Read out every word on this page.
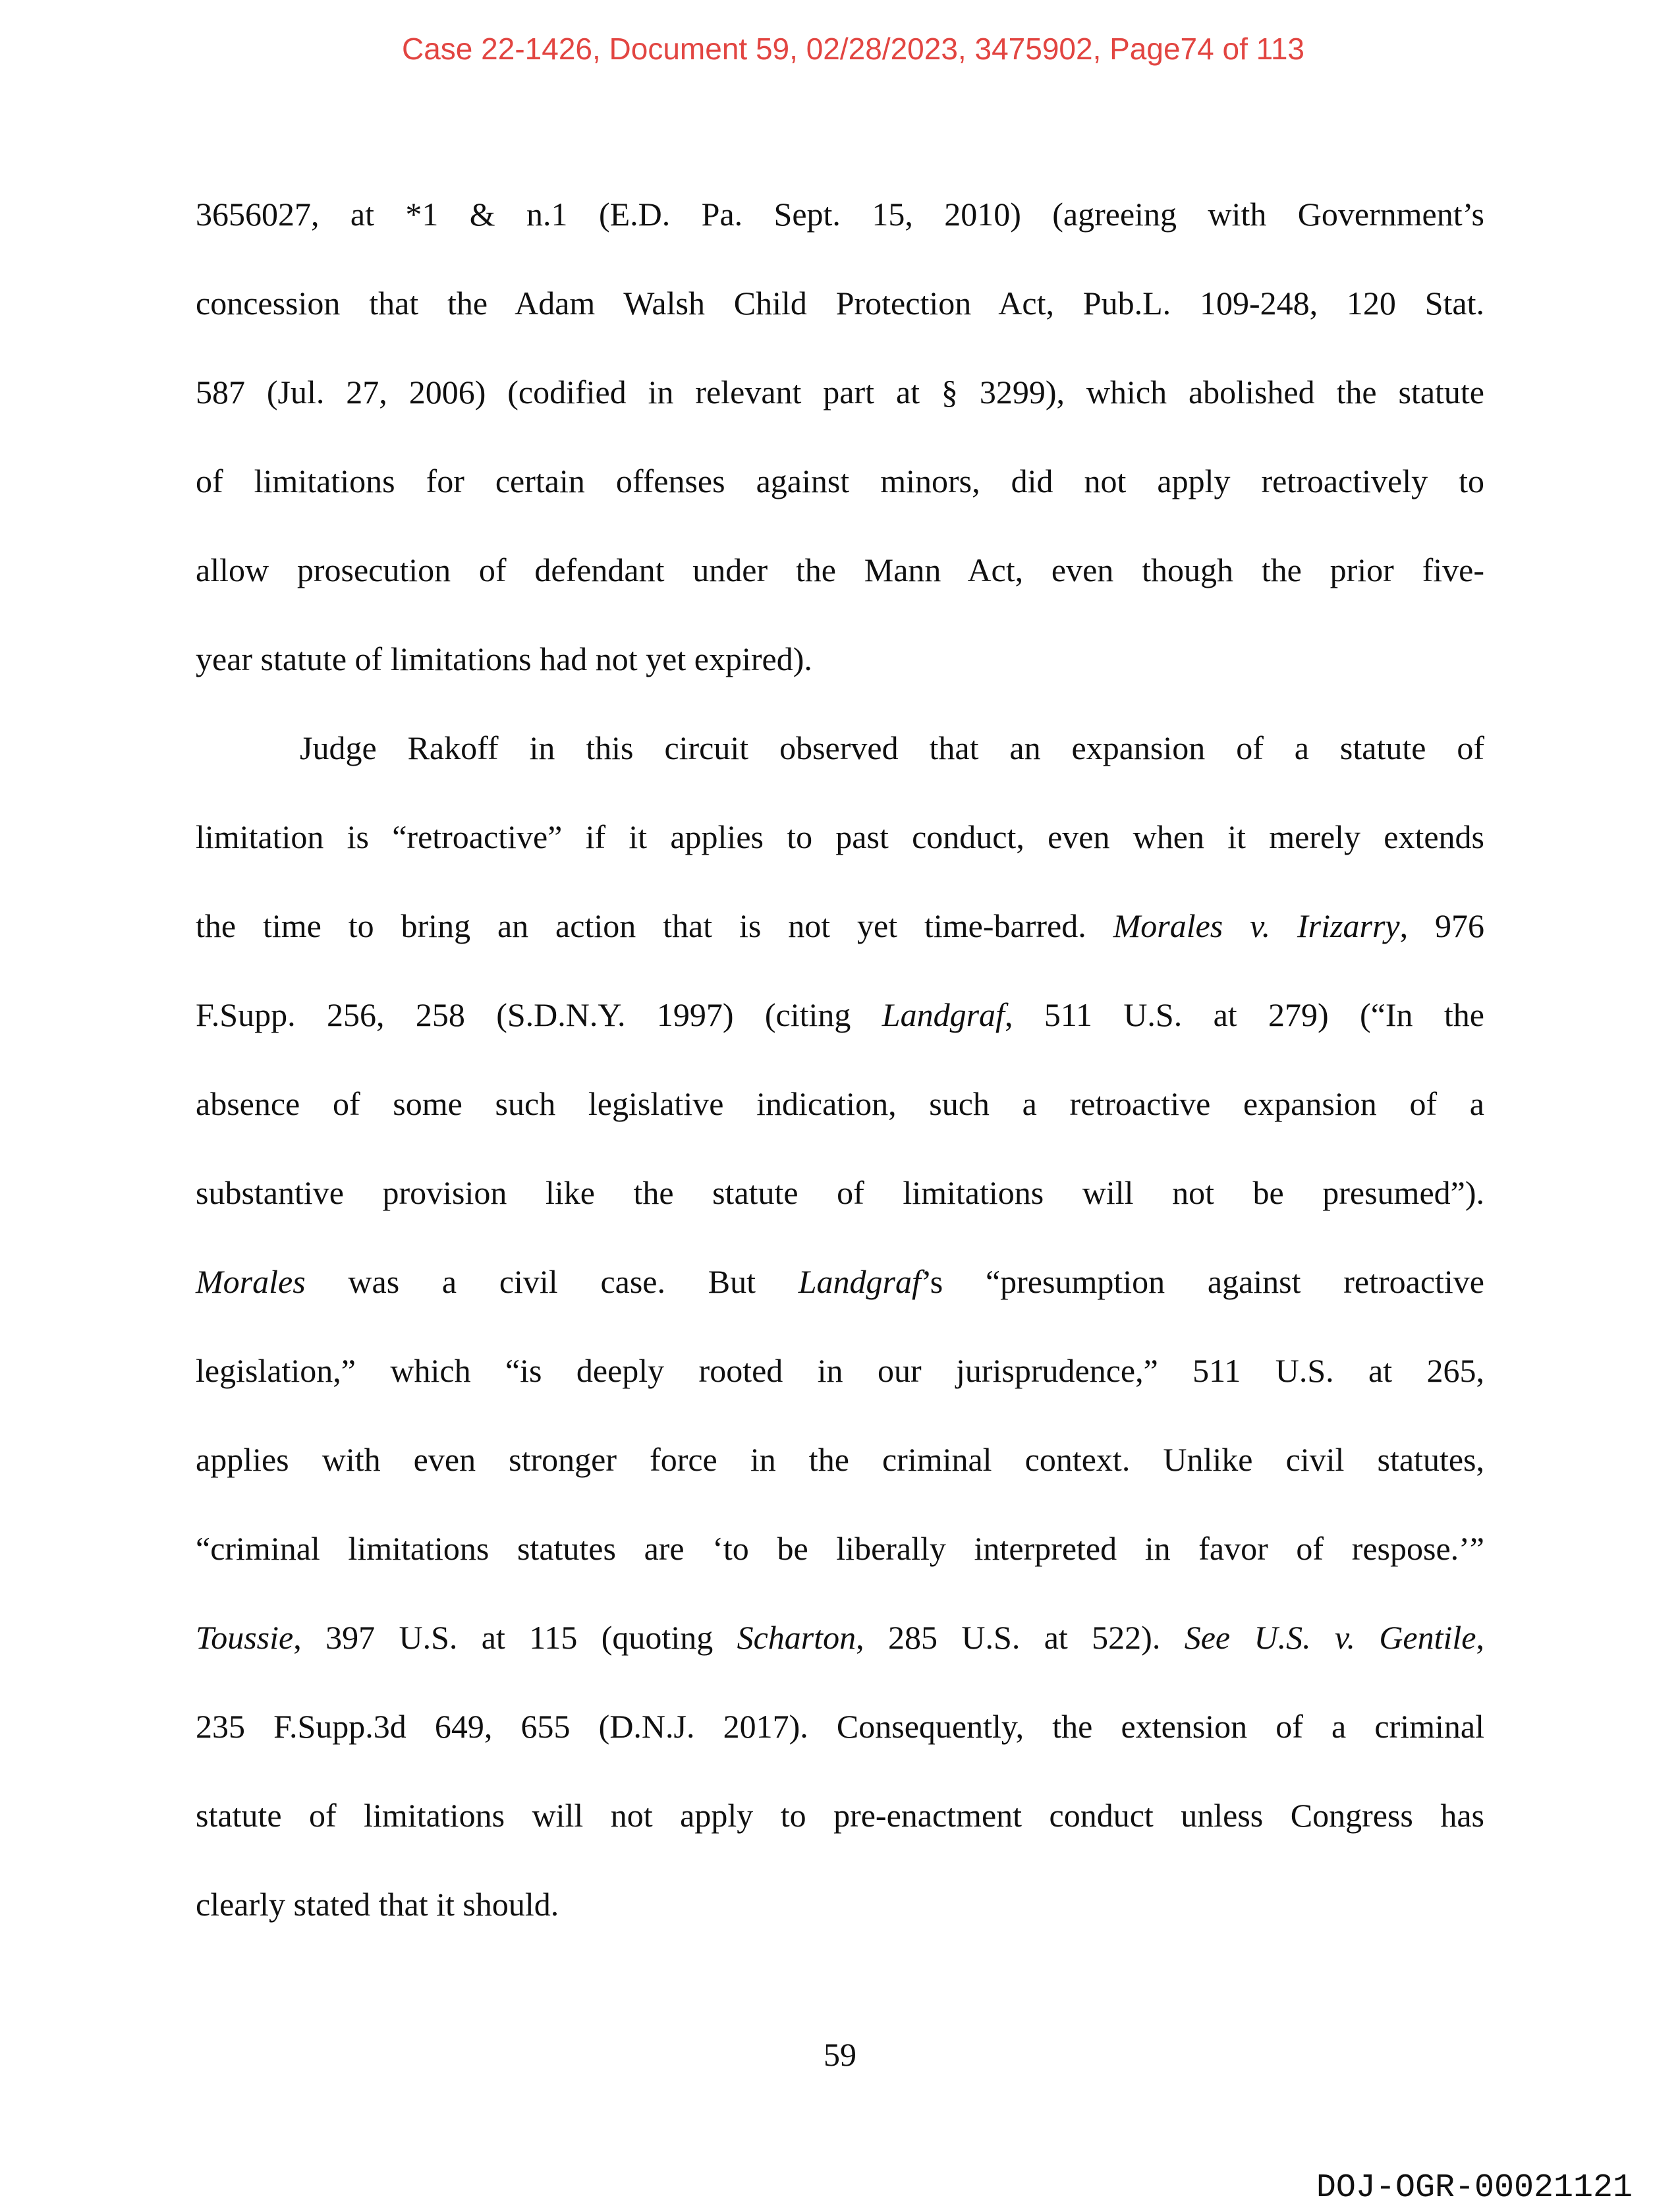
Case 22-1426, Document 59, 02/28/2023, 3475902, Page74 of 113
3656027, at *1 & n.1 (E.D. Pa. Sept. 15, 2010) (agreeing with Government’s
concession that the Adam Walsh Child Protection Act, Pub.L. 109-248, 120 Stat.
587 (Jul. 27, 2006) (codified in relevant part at § 3299), which abolished the statute
of limitations for certain offenses against minors, did not apply retroactively to
allow prosecution of defendant under the Mann Act, even though the prior five-
year statute of limitations had not yet expired).
Judge Rakoff in this circuit observed that an expansion of a statute of
limitation is “retroactive” if it applies to past conduct, even when it merely extends
the time to bring an action that is not yet time-barred. Morales v. Irizarry, 976
F.Supp. 256, 258 (S.D.N.Y. 1997) (citing Landgraf, 511 U.S. at 279) (“In the
absence of some such legislative indication, such a retroactive expansion of a
substantive provision like the statute of limitations will not be presumed”).
Morales was a civil case. But Landgraf’s “presumption against retroactive
legislation,” which “is deeply rooted in our jurisprudence,” 511 U.S. at 265,
applies with even stronger force in the criminal context. Unlike civil statutes,
“criminal limitations statutes are ‘to be liberally interpreted in favor of respose.’”
Toussie, 397 U.S. at 115 (quoting Scharton, 285 U.S. at 522). See U.S. v. Gentile,
235 F.Supp.3d 649, 655 (D.N.J. 2017). Consequently, the extension of a criminal
statute of limitations will not apply to pre-enactment conduct unless Congress has
clearly stated that it should.
59
DOJ-OGR-00021121
